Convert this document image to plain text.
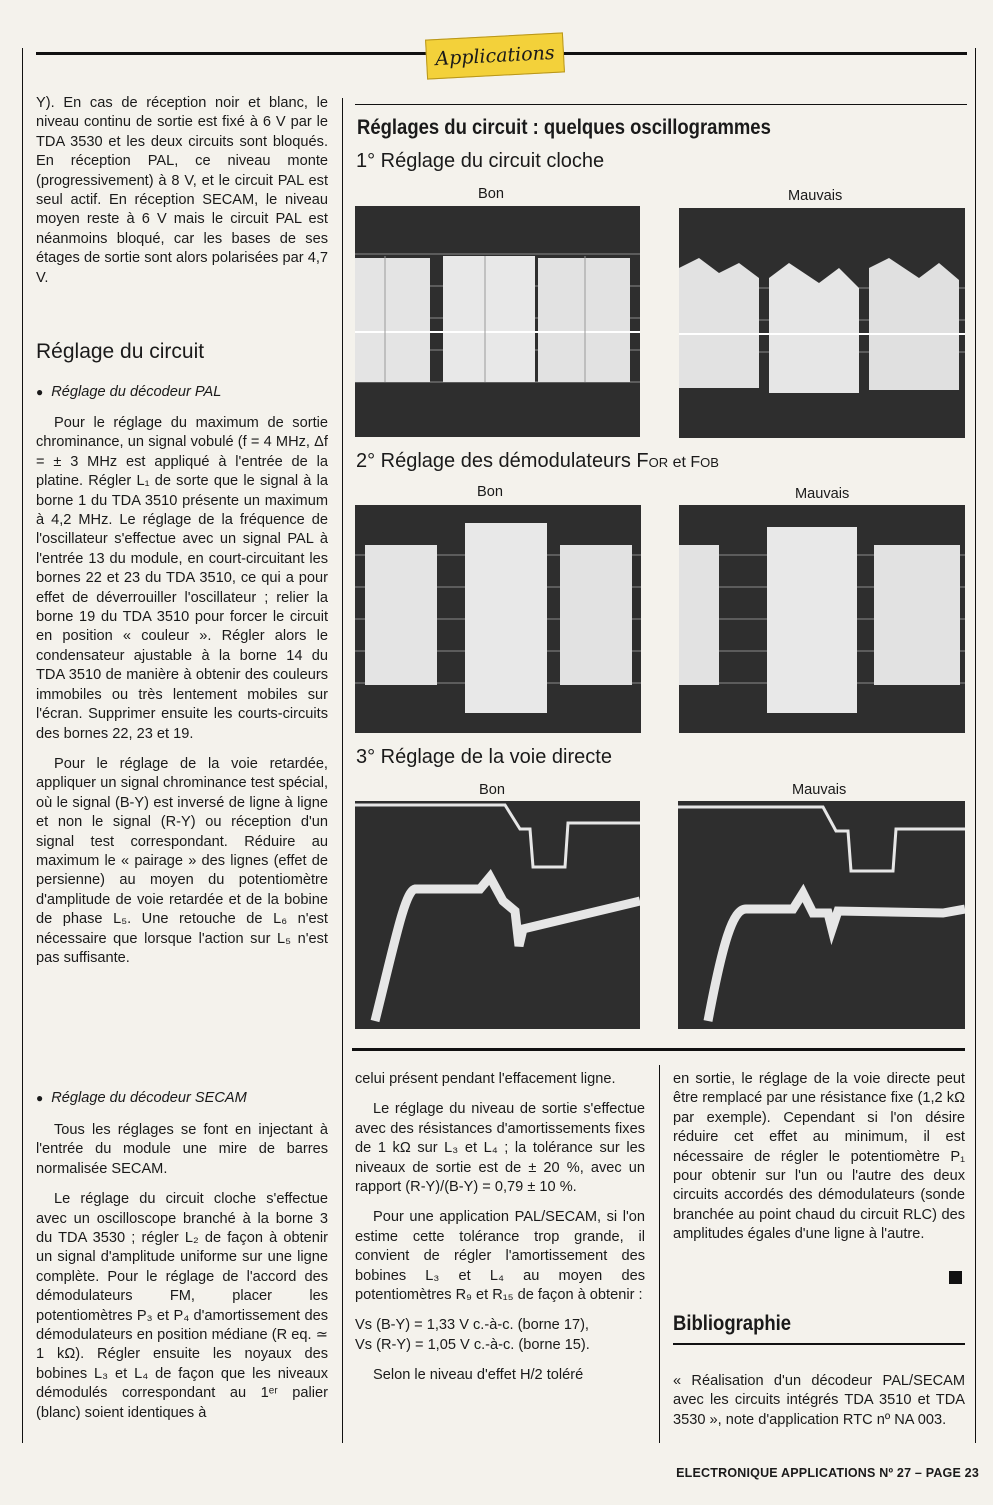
Applications

Y). En cas de réception noir et blanc, le niveau continu de sortie est fixé à 6 V par le TDA 3530 et les deux circuits sont bloqués. En réception PAL, ce niveau monte (progressivement) à 8 V, et le circuit PAL est seul actif. En réception SECAM, le niveau moyen reste à 6 V mais le circuit PAL est néanmoins bloqué, car les bases de ses étages de sortie sont alors polarisées par 4,7 V.

Réglage du circuit
● Réglage du décodeur PAL

Pour le réglage du maximum de sortie chrominance, un signal vobulé (f = 4 MHz, Δf = ± 3 MHz est appliqué à l'entrée de la platine. Régler L₁ de sorte que le signal à la borne 1 du TDA 3510 présente un maximum à 4,2 MHz. Le réglage de la fréquence de l'oscillateur s'effectue avec un signal PAL à l'entrée 13 du module, en court-circuitant les bornes 22 et 23 du TDA 3510, ce qui a pour effet de déverrouiller l'oscillateur ; relier la borne 19 du TDA 3510 pour forcer le circuit en position « couleur ». Régler alors le condensateur ajustable à la borne 14 du TDA 3510 de manière à obtenir des couleurs immobiles ou très lentement mobiles sur l'écran. Supprimer ensuite les courts-circuits des bornes 22, 23 et 19.

Pour le réglage de la voie retardée, appliquer un signal chrominance test spécial, où le signal (B-Y) est inversé de ligne à ligne et non le signal (R-Y) ou réception d'un signal test correspondant. Réduire au maximum le « pairage » des lignes (effet de persienne) au moyen du potentiomètre d'amplitude de voie retardée et de la bobine de phase L₅. Une retouche de L₆ n'est nécessaire que lorsque l'action sur L₅ n'est pas suffisante.

● Réglage du décodeur SECAM

Tous les réglages se font en injectant à l'entrée du module une mire de barres normalisée SECAM.

Le réglage du circuit cloche s'effectue avec un oscilloscope branché à la borne 3 du TDA 3530 ; régler L₂ de façon à obtenir un signal d'amplitude uniforme sur une ligne complète. Pour le réglage de l'accord des démodulateurs FM, placer les potentiomètres P₃ et P₄ d'amortissement des démodulateurs en position médiane (R eq. ≃ 1 kΩ). Régler ensuite les noyaux des bobines L₃ et L₄ de façon que les niveaux démodulés correspondant au 1ᵉʳ palier (blanc) soient identiques à

Réglages du circuit : quelques oscillogrammes
1° Réglage du circuit cloche
Bon	Mauvais
2° Réglage des démodulateurs FOR et FOB
Bon	Mauvais
3° Réglage de la voie directe
Bon	Mauvais

celui présent pendant l'effacement ligne.

Le réglage du niveau de sortie s'effectue avec des résistances d'amortissements fixes de 1 kΩ sur L₃ et L₄ ; la tolérance sur les niveaux de sortie est de ± 20 %, avec un rapport (R-Y)/(B-Y) = 0,79 ± 10 %.

Pour une application PAL/SECAM, si l'on estime cette tolérance trop grande, il convient de régler l'amortissement des bobines L₃ et L₄ au moyen des potentiomètres R₉ et R₁₅ de façon à obtenir :

Vs (B-Y) = 1,33 V c.-à-c. (borne 17),
Vs (R-Y) = 1,05 V c.-à-c. (borne 15).

Selon le niveau d'effet H/2 toléré

en sortie, le réglage de la voie directe peut être remplacé par une résistance fixe (1,2 kΩ par exemple). Cependant si l'on désire réduire cet effet au minimum, il est nécessaire de régler le potentiomètre P₁ pour obtenir sur l'un ou l'autre des deux circuits accordés des démodulateurs (sonde branchée au point chaud du circuit RLC) des amplitudes égales d'une ligne à l'autre.

Bibliographie

« Réalisation d'un décodeur PAL/SECAM avec les circuits intégrés TDA 3510 et TDA 3530 », note d'application RTC nº NA 003.

ELECTRONIQUE APPLICATIONS Nº 27 – PAGE 23
